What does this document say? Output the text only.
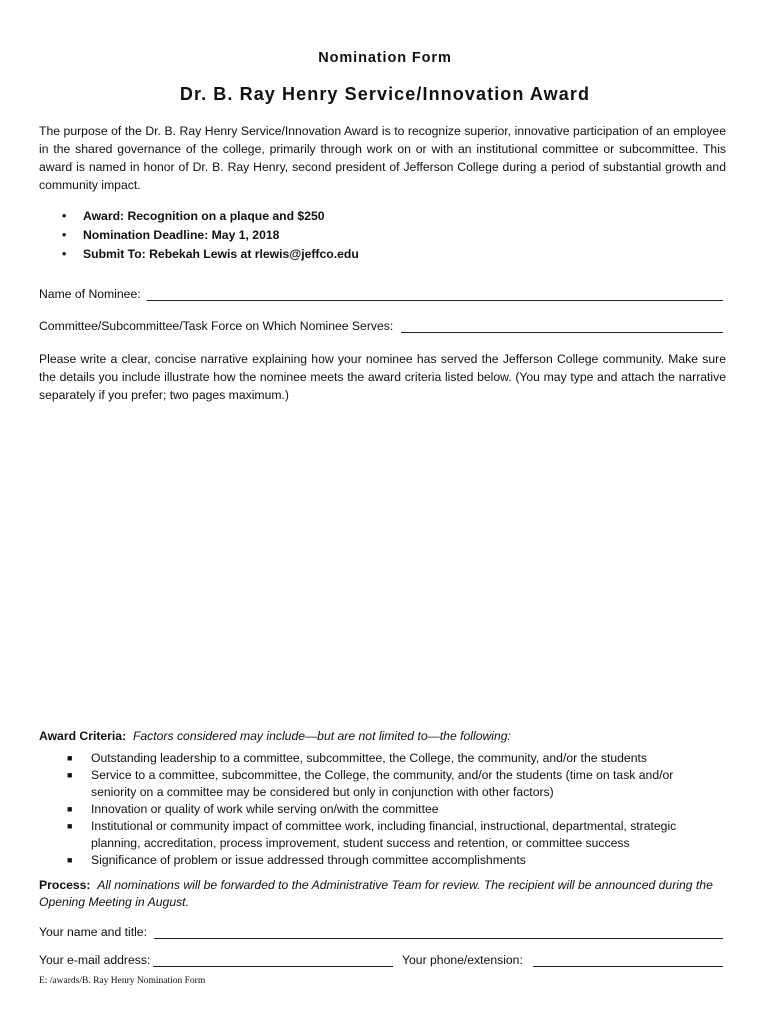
Nomination Form
Dr. B. Ray Henry Service/Innovation Award
The purpose of the Dr. B. Ray Henry Service/Innovation Award is to recognize superior, innovative participation of an employee in the shared governance of the college, primarily through work on or with an institutional committee or subcommittee. This award is named in honor of Dr. B. Ray Henry, second president of Jefferson College during a period of substantial growth and community impact.
•	Award: Recognition on a plaque and $250
•	Nomination Deadline: May 1, 2018
•	Submit To: Rebekah Lewis at rlewis@jeffco.edu
Name of Nominee:
Committee/Subcommittee/Task Force on Which Nominee Serves:
Please write a clear, concise narrative explaining how your nominee has served the Jefferson College community. Make sure the details you include illustrate how the nominee meets the award criteria listed below. (You may type and attach the narrative separately if you prefer; two pages maximum.)
Award Criteria: Factors considered may include—but are not limited to—the following:
■	Outstanding leadership to a committee, subcommittee, the College, the community, and/or the students
■	Service to a committee, subcommittee, the College, the community, and/or the students (time on task and/or seniority on a committee may be considered but only in conjunction with other factors)
■	Innovation or quality of work while serving on/with the committee
■	Institutional or community impact of committee work, including financial, instructional, departmental, strategic planning, accreditation, process improvement, student success and retention, or committee success
■	Significance of problem or issue addressed through committee accomplishments
Process: All nominations will be forwarded to the Administrative Team for review. The recipient will be announced during the Opening Meeting in August.
Your name and title:
Your e-mail address:	Your phone/extension:
E: /awards/B. Ray Henry Nomination Form
